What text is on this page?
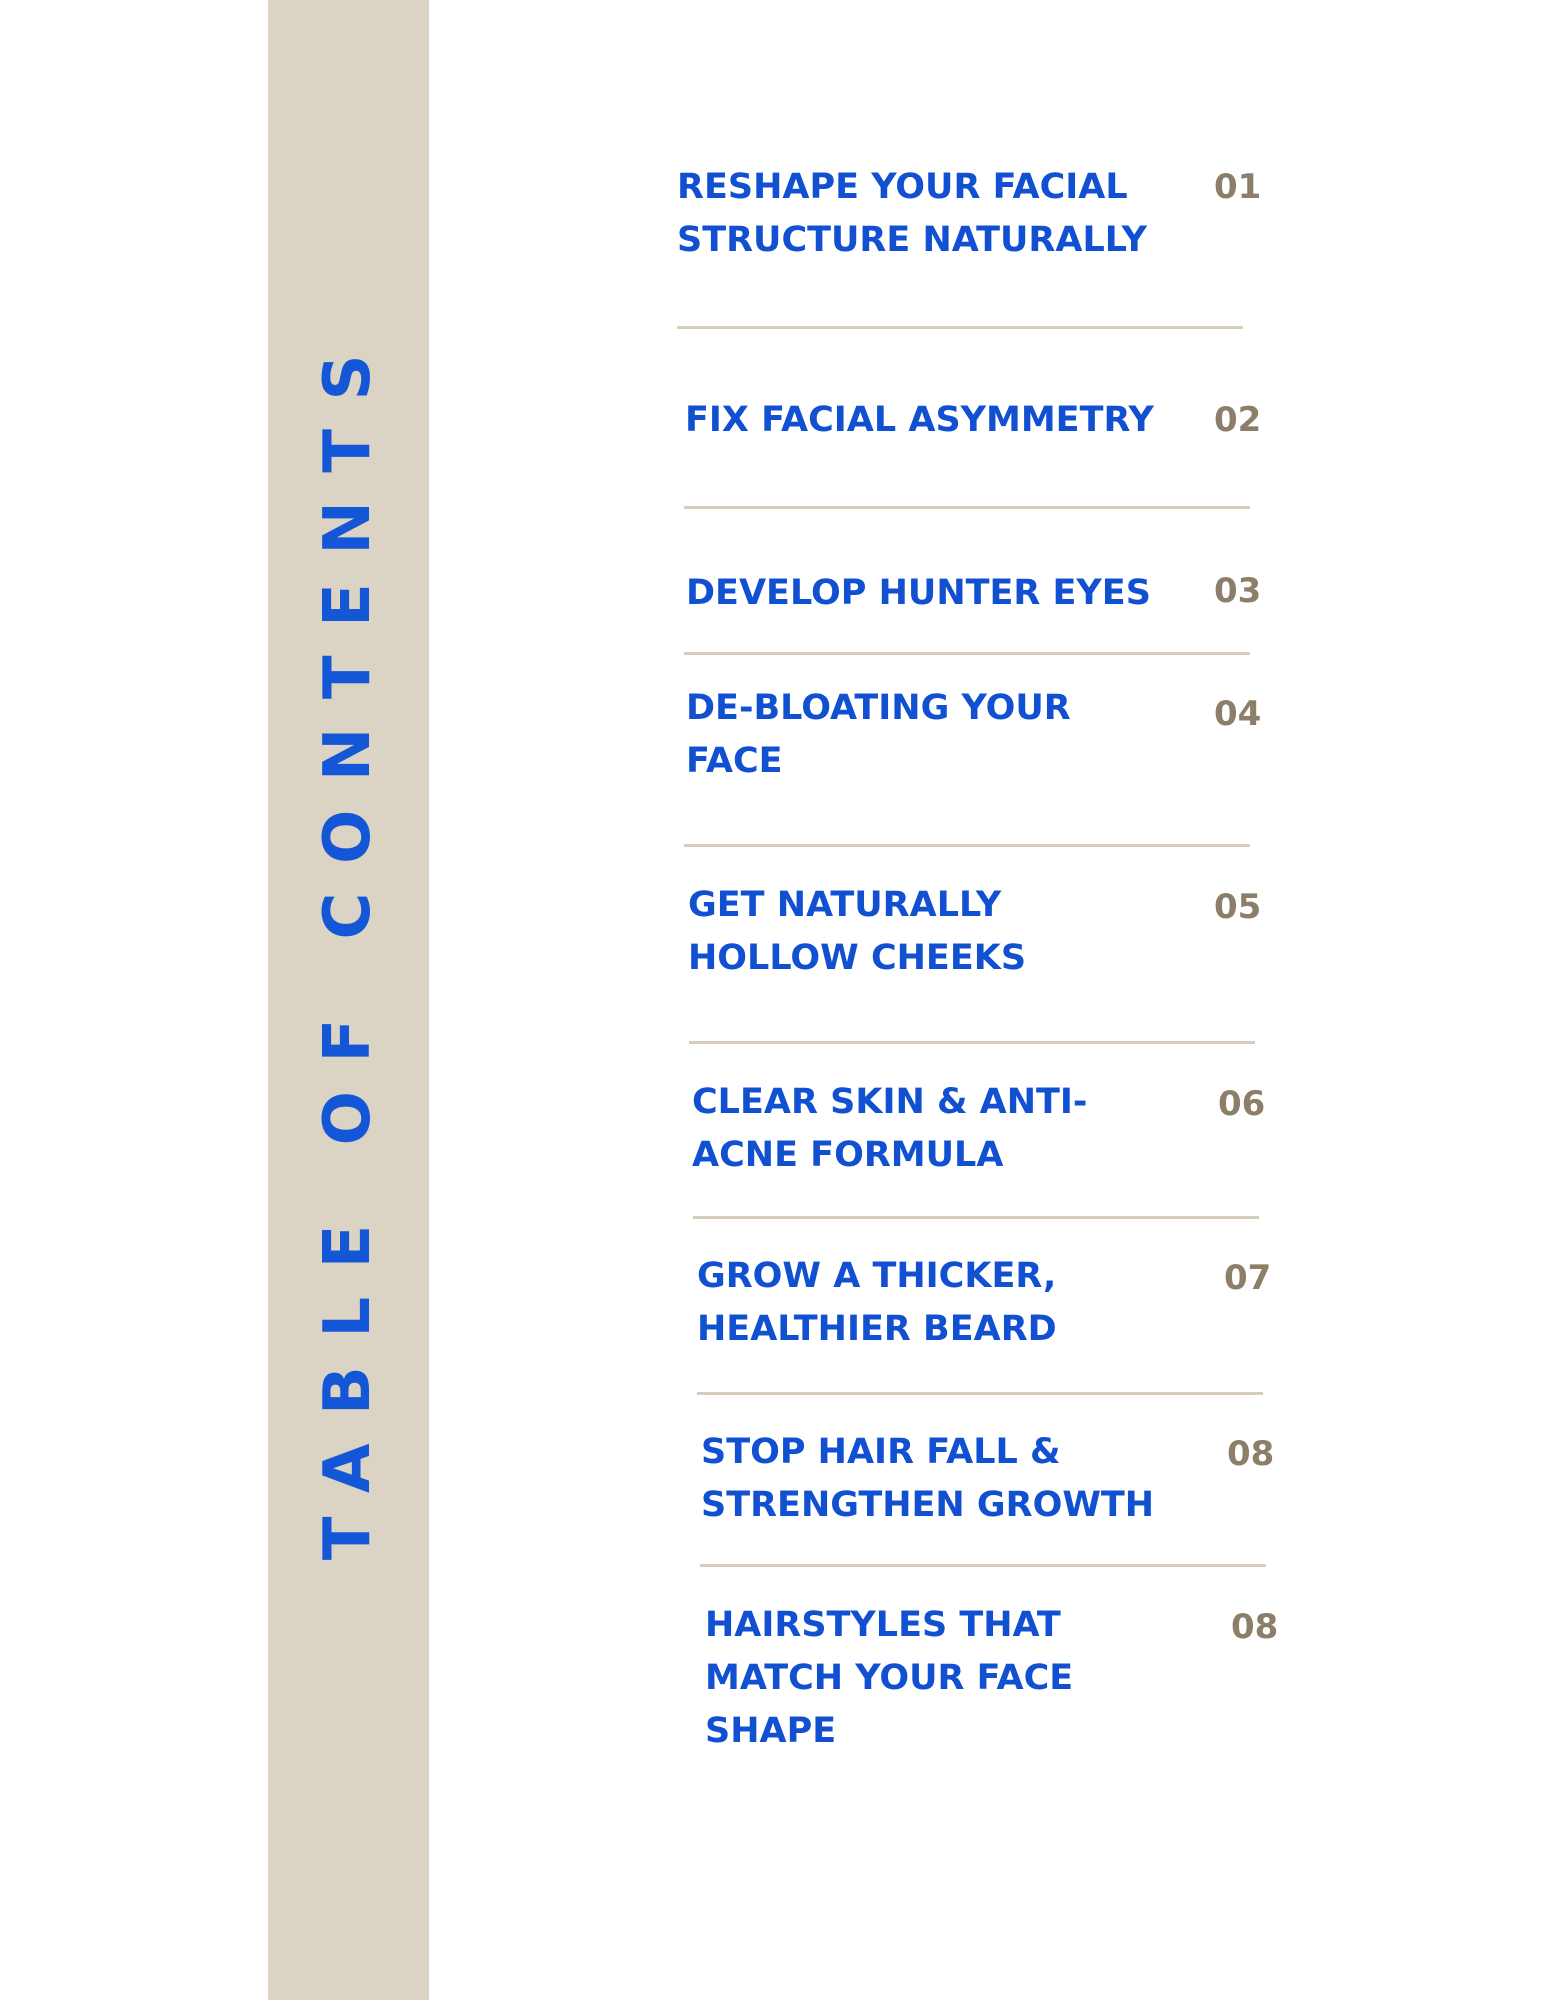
TABLE OF CONTENTS

RESHAPE YOUR FACIAL
STRUCTURE NATURALLY

01

FIX FACIAL ASYMMETRY 02

DEVELOP HUNTER EYES 03

DE-BLOATING YOUR
FACE

04

GET NATURALLY
HOLLOW CHEEKS

05

CLEAR SKIN & ANTI-
ACNE FORMULA

06

GROW A THICKER,
HEALTHIER BEARD

07

STOP HAIR FALL &
STRENGTHEN GROWTH

08

HAIRSTYLES THAT
MATCH YOUR FACE
SHAPE

08
